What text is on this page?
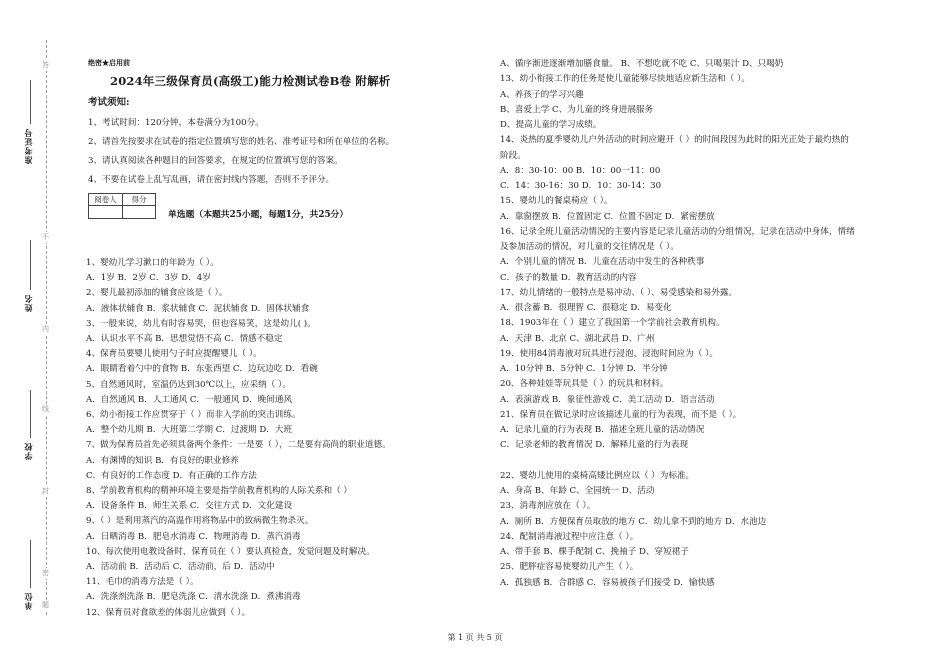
准考证号
姓名
学校
单位
答
不
内
线
封
密
题
绝密★启用前
2024年三级保育员(高级工)能力检测试卷B卷 附解析
考试须知:
1、考试时间：120分钟，本卷满分为100分。
2、请首先按要求在试卷的指定位置填写您的姓名、准考证号和所在单位的名称。
3、请认真阅读各种题目的回答要求，在规定的位置填写您的答案。
4、不要在试卷上乱写乱画，请在密封线内答题，否则不予评分。
阅卷人	得分
单选题（本题共25小题，每题1分，共25分）
1、婴幼儿学习漱口的年龄为（ ）。
A．1岁 B．2岁 C．3岁 D．4岁
2、婴儿最初添加的辅食应该是（ ）。
A．液体状辅食 B．浆状辅食 C．泥状辅食 D．固体状辅食
3、一般来说，幼儿有时容易哭，但也容易笑，这是幼儿( )。
A．认识水平不高 B．思想觉悟不高 C．情感不稳定
4、保育员要婴儿使用勺子时应提醒婴儿（ ）。
A．眼睛看着勺中的食物 B．东张西望 C．边玩边吃 D．看碗
5、自然通风时，室温仍达到30℃以上，应采纳（ ）。
A．自然通风 B．人工通风 C．一般通风 D．晚间通风
6、幼小衔接工作应贯穿于（ ）而非入学前的突击训练。
A．整个幼儿期 B．大班第二学期 C．过渡期 D．大班
7、做为保育员首先必须具备两个条件：一是要（ ），二是要有高尚的职业道德。
A．有渊博的知识 B．有良好的职业修养
C．有良好的工作态度 D．有正确的工作方法
8、学前教育机构的精神环境主要是指学前教育机构的人际关系和（ ）
A．设备条件 B．师生关系 C．交往方式 D．文化建设
9、（ ）是利用蒸汽的高温作用将物品中的致病微生物杀灭。
A．日晒消毒 B．肥皂水消毒 C．物理消毒 D．蒸汽消毒
10、每次使用电教设备时，保育员在（ ）要认真检查，发觉问题及时解决。
A．活动前 B．活动后 C．活动前，后 D．活动中
11、毛巾的消毒方法是（ ）。
A．洗涤剂洗涤 B．肥皂洗涤 C．清水洗涤 D．煮沸消毒
12、保育员对食欲差的体弱儿应做到（ ）。
A、循序渐进逐渐增加膳食量。 B、不想吃就不吃 C、只喝果汁 D、只喝奶
13、幼小衔接工作的任务是使儿童能够尽快地适应新生活和（ ）。
A、养孩子的学习兴趣
B、喜爱上学 C、为儿童的终身进展服务
D、提高儿童的学习成绩。
14、炎热的夏季婴幼儿户外活动的时间应避开（ ）的时间段因为此时的阳光正处于最灼热的
阶段。
A．8：30-10：00 B．10：00一11：00
C．14：30-16：30 D．10：30-14：30
15、婴幼儿的餐桌椅应（ ）。
A．靠窗摆放 B．位置固定 C．位置不固定 D．紧密摆放
16、记录全班儿童活动情况的主要内容是记录儿童活动的分组情况，记录在活动中身体，情绪
及参加活动的情况，对儿童的交往情况是（ ）。
A．个别儿童的情况 B．儿童在活动中发生的各种秩事
C．孩子的数量 D．教育活动的内容
17、幼儿情绪的一般特点是易冲动、（ ）、易受感染和易外露。
A．很含蓄 B．很理智 C．很稳定 D．易变化
18、1903年在（ ）建立了我国第一个学前社会教育机构。
A．天津 B、北京 C、湖北武昌 D、广州
19、使用84消毒液对玩具进行浸泡，浸泡时间应为（ ）。
A．10分钟 B．5分钟 C．1分钟 D．半分钟
20、各种娃娃等玩具是（ ）的玩具和材料。
A．表演游戏 B．象征性游戏 C．美工活动 D．语言活动
21、保育员在做记录时应该描述儿童的行为表现，而不是（ ）。
A．记录儿童的行为表现 B．描述全班儿童的活动情况
C．记录老师的教育情况 D．解释儿童的行为表现
22、婴幼儿使用的桌椅高矮比例应以（ ）为标准。
A、身高 B、年龄 C、全园统一 D、活动
23、消毒剂应放在（ ）。
A．厕所 B．方便保育员取放的地方 C．幼儿拿不到的地方 D．水池边
24、配制消毒液过程中应注意（ ）。
A、带手套 B、棵手配制 C、挽袖子 D、穿短裙子
25、肥胖症容易使婴幼儿产生（ ）。
A．孤独感 B．合群感 C．容易被孩子们接受 D．愉快感
第 1 页 共 5 页
